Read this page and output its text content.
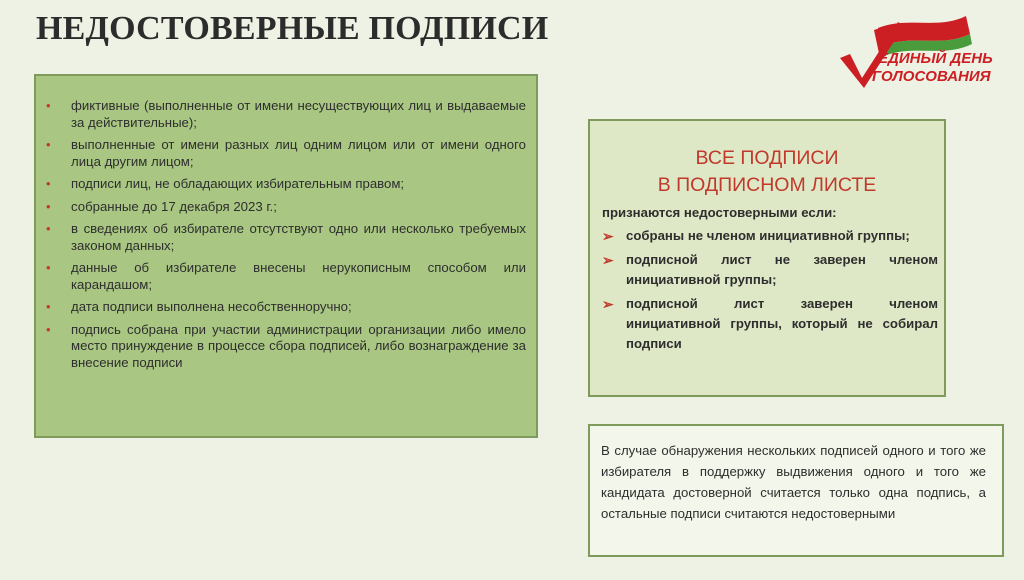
НЕДОСТОВЕРНЫЕ ПОДПИСИ
ЕДИНЫЙ ДЕНЬ
ГОЛОСОВАНИЯ
• фиктивные (выполненные от имени несуществующих лиц и выдаваемые за действительные);
• выполненные от имени разных лиц одним лицом или от имени одного лица другим лицом;
• подписи лиц, не обладающих избирательным правом;
• собранные до 17 декабря 2023 г.;
• в сведениях об избирателе отсутствуют одно или несколько требуемых законом данных;
• данные об избирателе внесены нерукописным способом или карандашом;
• дата подписи выполнена несобственноручно;
• подпись собрана при участии администрации организации либо имело место принуждение в процессе сбора подписей, либо вознаграждение за внесение подписи
ВСЕ ПОДПИСИ
В ПОДПИСНОМ ЛИСТЕ
признаются недостоверными если:
➢ собраны не членом инициативной группы;
➢ подписной лист не заверен членом инициативной группы;
➢ подписной лист заверен членом инициативной группы, который не собирал подписи

В случае обнаружения нескольких подписей одного и того же избирателя в поддержку выдвижения одного и того же кандидата достоверной считается только одна подпись, а остальные подписи считаются недостоверными
